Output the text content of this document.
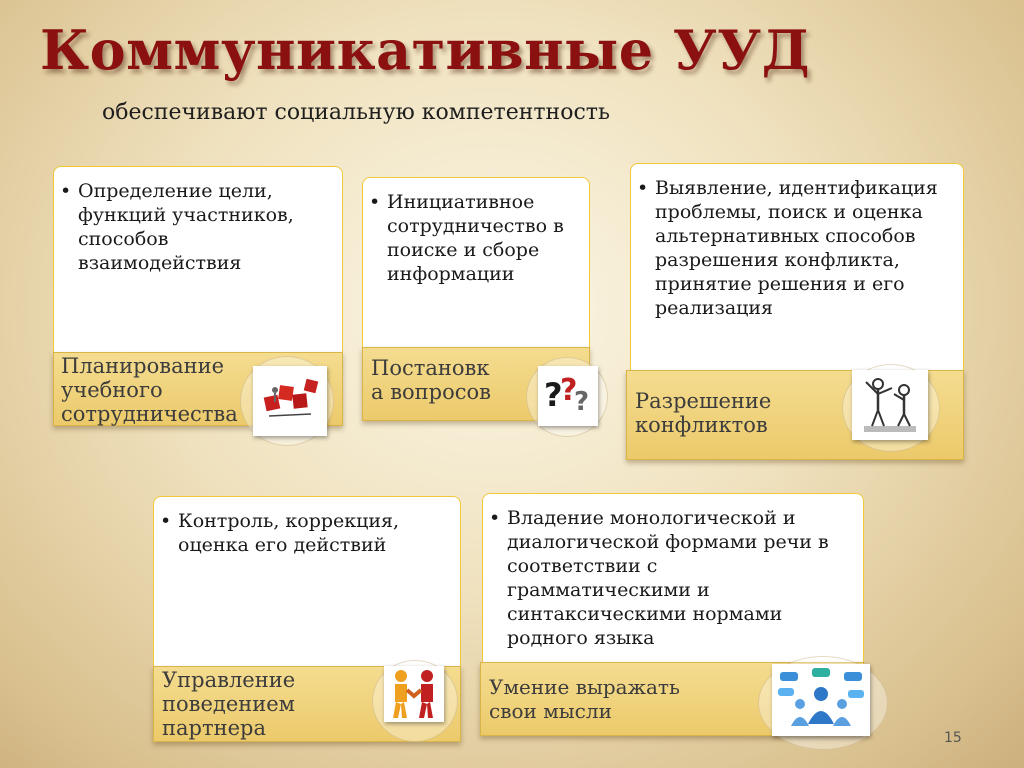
Коммуникативные УУД
обеспечивают социальную компетентность
• Определение цели, функций участников, способов взаимодействия
Планирование
учебного
сотрудничества
• Инициативное сотрудничество в поиске и сборе информации
Постановк
а вопросов	?
?
?
• Выявление, идентификация проблемы, поиск и оценка альтернативных способов разрешения конфликта, принятие решения и его реализация
Разрешение
конфликтов
• Контроль, коррекция, оценка его действий
Управление
поведением
партнера
• Владение монологической и диалогической формами речи в соответствии с грамматическими и синтаксическими нормами родного языка
Умение выражать
свои мысли
15
